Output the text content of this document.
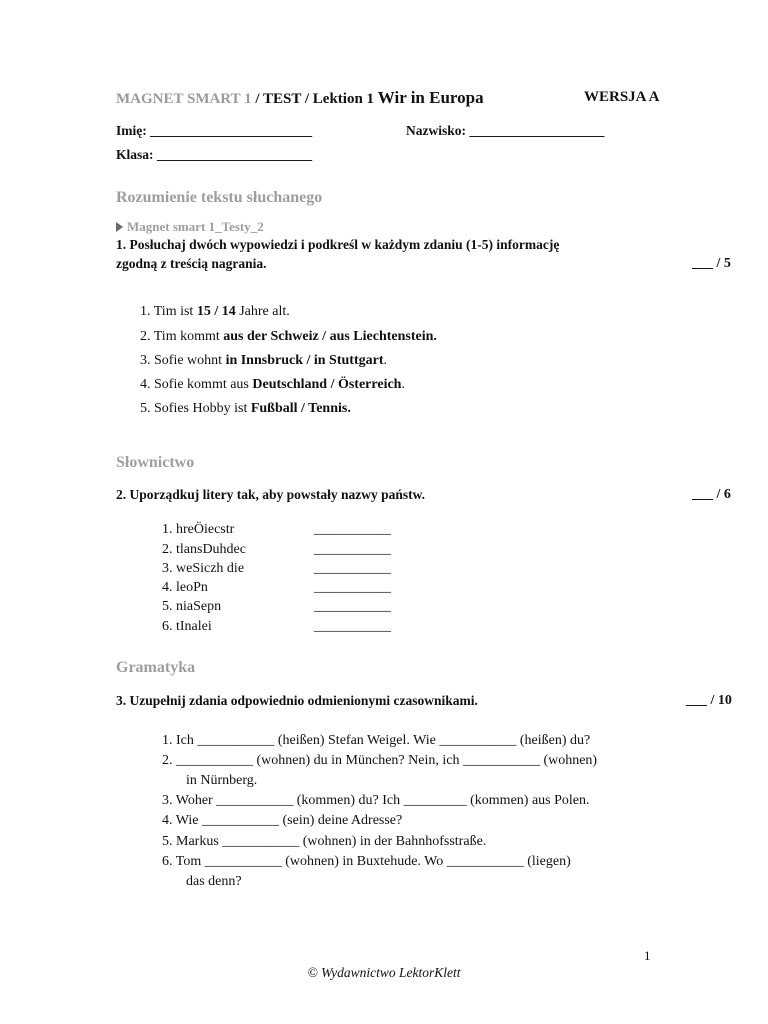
MAGNET SMART 1 / TEST / Lektion 1 Wir in Europa	WERSJA A
Imię: ________________________	Nazwisko: ____________________
Klasa: _______________________
Rozumienie tekstu słuchanego
Magnet smart 1_Testy_2
1. Posłuchaj dwóch wypowiedzi i podkreśl w każdym zdaniu (1-5) informację
zgodną z treścią nagrania.	___ / 5
1. Tim ist 15 / 14 Jahre alt.
2. Tim kommt aus der Schweiz / aus Liechtenstein.
3. Sofie wohnt in Innsbruck / in Stuttgart.
4. Sofie kommt aus Deutschland / Österreich.
5. Sofies Hobby ist Fußball / Tennis.
Słownictwo
2. Uporządkuj litery tak, aby powstały nazwy państw.	___ / 6
1. hreÖiecstr	___________
2. tlansDuhdec	___________
3. weSiczh die	___________
4. leoPn	___________
5. niaSepn	___________
6. tInalei	___________
Gramatyka
3. Uzupełnij zdania odpowiednio odmienionymi czasownikami.	___ / 10
1. Ich ___________ (heißen) Stefan Weigel. Wie ___________ (heißen) du?
2. ___________ (wohnen) du in München? Nein, ich ___________ (wohnen)
in Nürnberg.
3. Woher ___________ (kommen) du? Ich _________ (kommen) aus Polen.
4. Wie ___________ (sein) deine Adresse?
5. Markus ___________ (wohnen) in der Bahnhofsstraße.
6. Tom ___________ (wohnen) in Buxtehude. Wo ___________ (liegen)
das denn?
1
© Wydawnictwo LektorKlett
